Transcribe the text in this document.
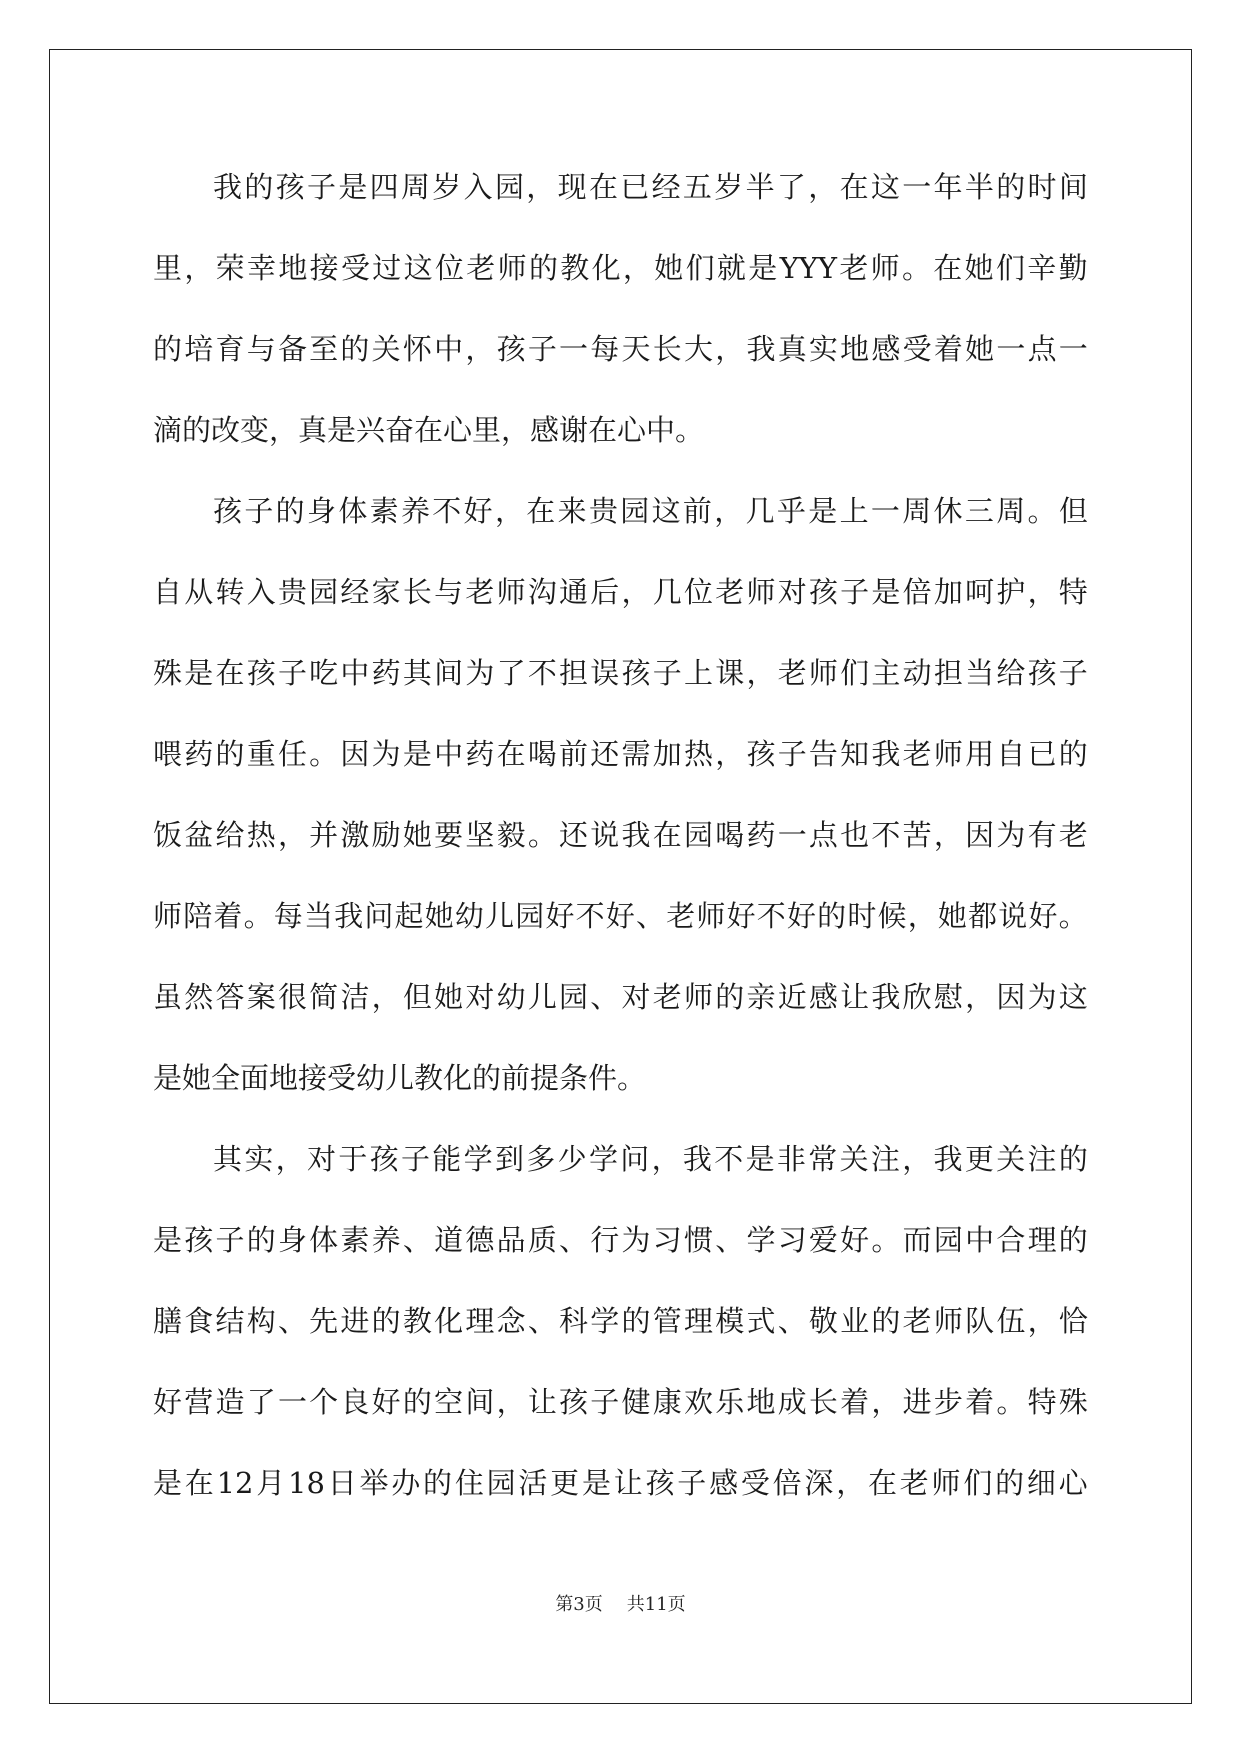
我 的 孩 子 是 四 周 岁 入 园 ， 现 在 已 经 五 岁 半 了 ， 在 这 一 年 半 的 时 间
里 ， 荣 幸 地 接 受 过 这 位 老 师 的 教 化 ， 她 们 就 是 YYY 老 师 。 在 她 们 辛 勤
的 培 育 与 备 至 的 关 怀 中 ， 孩 子 一 每 天 长 大 ， 我 真 实 地 感 受 着 她 一 点 一
滴的改变，真是兴奋在心里，感谢在心中。
孩 子 的 身 体 素 养 不 好 ， 在 来 贵 园 这 前 ， 几 乎 是 上 一 周 休 三 周 。 但
自 从 转 入 贵 园 经 家 长 与 老 师 沟 通 后 ， 几 位 老 师 对 孩 子 是 倍 加 呵 护 ， 特
殊 是 在 孩 子 吃 中 药 其 间 为 了 不 担 误 孩 子 上 课 ， 老 师 们 主 动 担 当 给 孩 子
喂 药 的 重 任 。 因 为 是 中 药 在 喝 前 还 需 加 热 ， 孩 子 告 知 我 老 师 用 自 已 的
饭 盆 给 热 ， 并 激 励 她 要 坚 毅 。 还 说 我 在 园 喝 药 一 点 也 不 苦 ， 因 为 有 老
师 陪 着 。 每 当 我 问 起 她 幼 儿 园 好 不 好 、 老 师 好 不 好 的 时 候 ， 她 都 说 好 。
虽 然 答 案 很 简 洁 ， 但 她 对 幼 儿 园 、 对 老 师 的 亲 近 感 让 我 欣 慰 ， 因 为 这
是她全面地接受幼儿教化的前提条件。
其 实 ， 对 于 孩 子 能 学 到 多 少 学 问 ， 我 不 是 非 常 关 注 ， 我 更 关 注 的
是 孩 子 的 身 体 素 养 、 道 德 品 质 、 行 为 习 惯 、 学 习 爱 好 。 而 园 中 合 理 的
膳 食 结 构 、 先 进 的 教 化 理 念 、 科 学 的 管 理 模 式 、 敬 业 的 老 师 队 伍 ， 恰
好 营 造 了 一 个 良 好 的 空 间 ， 让 孩 子 健 康 欢 乐 地 成 长 着 ， 进 步 着 。 特 殊
是 在 12 月 18 日 举 办 的 住 园 活 更 是 让 孩 子 感 受 倍 深 ， 在 老 师 们 的 细 心
第3页 共11页
